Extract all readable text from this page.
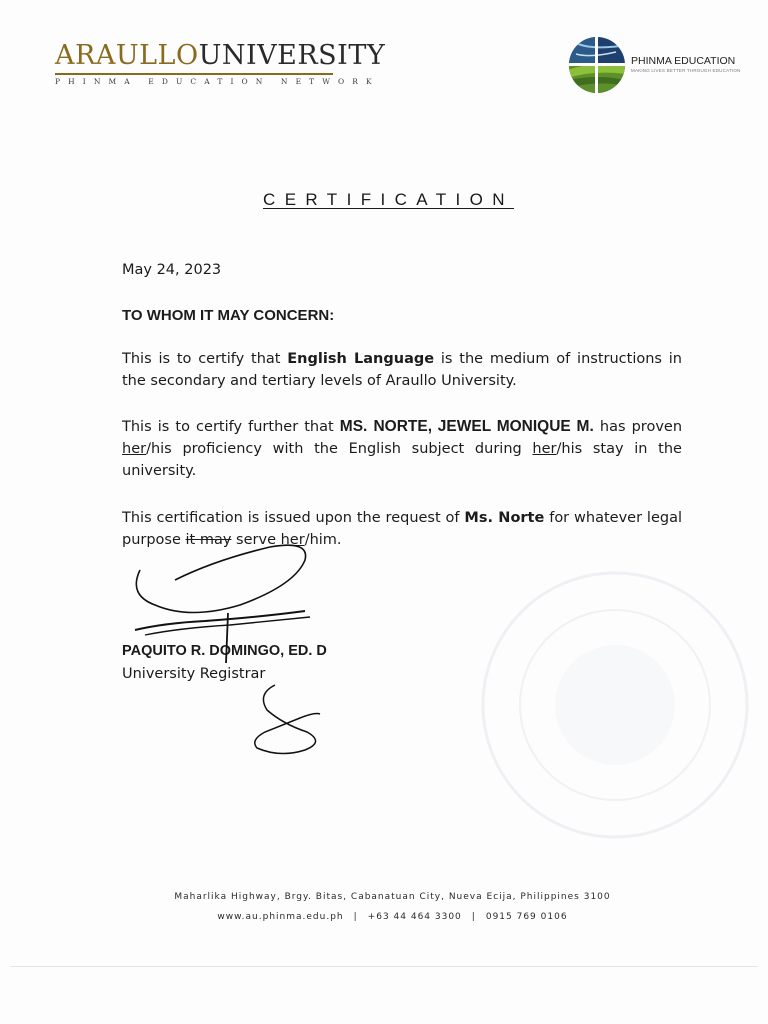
ARAULLOUNIVERSITY
PHINMA EDUCATION NETWORK
PHINMA EDUCATION
MAKING LIVES BETTER THROUGH EDUCATION
CERTIFICATION
May 24, 2023
TO WHOM IT MAY CONCERN:
This is to certify that English Language is the medium of instructions in the secondary and tertiary levels of Araullo University.
This is to certify further that MS. NORTE, JEWEL MONIQUE M. has proven her/his proficiency with the English subject during her/his stay in the university.
This certification is issued upon the request of Ms. Norte for whatever legal purpose it may serve her/him.
PAQUITO R. DOMINGO, ED. D
University Registrar
Maharlika Highway, Brgy. Bitas, Cabanatuan City, Nueva Ecija, Philippines 3100
www.au.phinma.edu.ph | +63 44 464 3300 | 0915 769 0106
